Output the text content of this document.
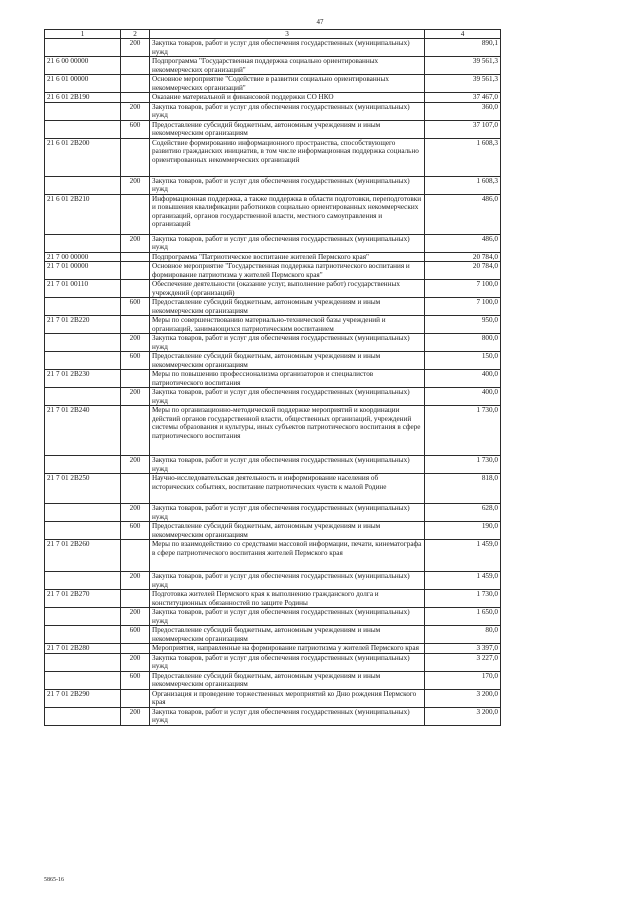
47
1	2	3	4
	200	Закупка товаров, работ и услуг для обеспечения государственных (муниципальных) нужд	890,1
21 6 00 00000		Подпрограмма "Государственная поддержка социально ориентированных некоммерческих организаций"	39 561,3
21 6 01 00000		Основное мероприятие "Содействие в развитии социально ориентированных некоммерческих организаций"	39 561,3
21 6 01 2В190		Оказание материальной и финансовой поддержки СО НКО	37 467,0
	200	Закупка товаров, работ и услуг для обеспечения государственных (муниципальных) нужд	360,0
	600	Предоставление субсидий бюджетным, автономным учреждениям и иным некоммерческим организациям	37 107,0
21 6 01 2В200		Содействие формированию информационного пространства, способствующего развитию гражданских инициатив, в том числе информационная поддержка социально ориентированных некоммерческих организаций	1 608,3
	200	Закупка товаров, работ и услуг для обеспечения государственных (муниципальных) нужд	1 608,3
21 6 01 2В210		Информационная поддержка, а также поддержка в области подготовки, переподготовки и повышения квалификации работников социально ориентированных некоммерческих организаций, органов государственной власти, местного самоуправления и организаций	486,0
	200	Закупка товаров, работ и услуг для обеспечения государственных (муниципальных) нужд	486,0
21 7 00 00000		Подпрограмма "Патриотическое воспитание жителей Пермского края"	20 784,0
21 7 01 00000		Основное мероприятие "Государственная поддержка патриотического воспитания и формирование патриотизма у жителей Пермского края"	20 784,0
21 7 01 00110		Обеспечение деятельности (оказание услуг, выполнение работ) государственных учреждений (организаций)	7 100,0
	600	Предоставление субсидий бюджетным, автономным учреждениям и иным некоммерческим организациям	7 100,0
21 7 01 2В220		Меры по совершенствованию материально-технической базы учреждений и организаций, занимающихся патриотическим воспитанием	950,0
	200	Закупка товаров, работ и услуг для обеспечения государственных (муниципальных) нужд	800,0
	600	Предоставление субсидий бюджетным, автономным учреждениям и иным некоммерческим организациям	150,0
21 7 01 2В230		Меры по повышению профессионализма организаторов и специалистов патриотического воспитания	400,0
	200	Закупка товаров, работ и услуг для обеспечения государственных (муниципальных) нужд	400,0
21 7 01 2В240		Меры по организационно-методической поддержке мероприятий и координации действий органов государственной власти, общественных организаций, учреждений системы образования и культуры, иных субъектов патриотического воспитания в сфере патриотического воспитания	1 730,0
	200	Закупка товаров, работ и услуг для обеспечения государственных (муниципальных) нужд	1 730,0
21 7 01 2В250		Научно-исследовательская деятельность и информирование населения об исторических событиях, воспитание патриотических чувств к малой Родине	818,0
	200	Закупка товаров, работ и услуг для обеспечения государственных (муниципальных) нужд	628,0
	600	Предоставление субсидий бюджетным, автономным учреждениям и иным некоммерческим организациям	190,0
21 7 01 2В260		Меры по взаимодействию со средствами массовой информации, печати, кинематографа в сфере патриотического воспитания жителей Пермского края	1 459,0
	200	Закупка товаров, работ и услуг для обеспечения государственных (муниципальных) нужд	1 459,0
21 7 01 2В270		Подготовка жителей Пермского края к выполнению гражданского долга и конституционных обязанностей по защите Родины	1 730,0
	200	Закупка товаров, работ и услуг для обеспечения государственных (муниципальных) нужд	1 650,0
	600	Предоставление субсидий бюджетным, автономным учреждениям и иным некоммерческим организациям	80,0
21 7 01 2В280		Мероприятия, направленные на формирование патриотизма у жителей Пермского края	3 397,0
	200	Закупка товаров, работ и услуг для обеспечения государственных (муниципальных) нужд	3 227,0
	600	Предоставление субсидий бюджетным, автономным учреждениям и иным некоммерческим организациям	170,0
21 7 01 2В290		Организация и проведение торжественных мероприятий ко Дню рождения Пермского края	3 200,0
	200	Закупка товаров, работ и услуг для обеспечения государственных (муниципальных) нужд	3 200,0
5865-16
